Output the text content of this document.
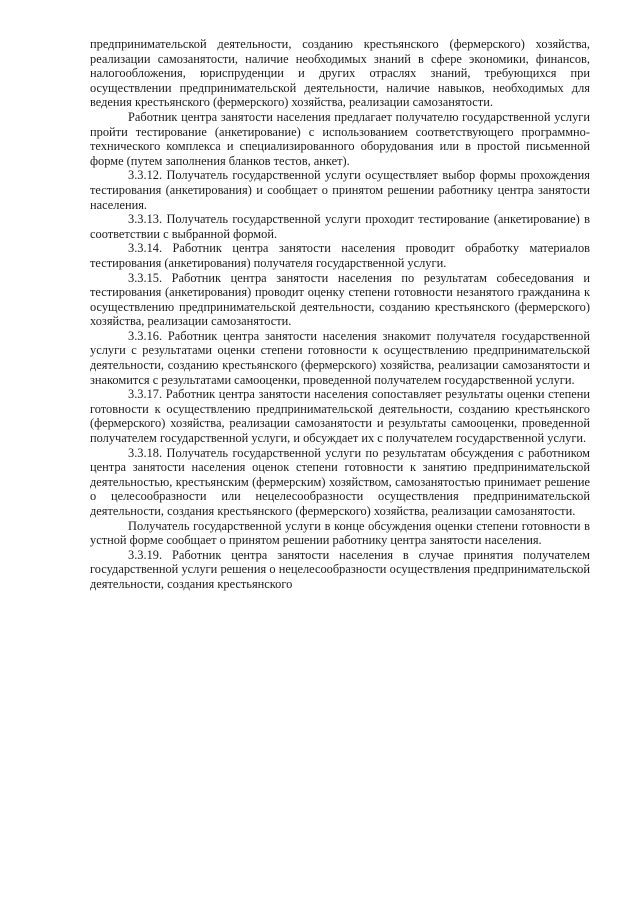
предпринимательской деятельности, созданию крестьянского (фермерского) хозяйства, реализации самозанятости, наличие необходимых знаний в сфере экономики, финансов, налогообложения, юриспруденции и других отраслях знаний, требующихся при осуществлении предпринимательской деятельности, наличие навыков, необходимых для ведения крестьянского (фермерского) хозяйства, реализации самозанятости.

Работник центра занятости населения предлагает получателю государственной услуги пройти тестирование (анкетирование) с использованием соответствующего программно-технического комплекса и специализированного оборудования или в простой письменной форме (путем заполнения бланков тестов, анкет).

3.3.12. Получатель государственной услуги осуществляет выбор формы прохождения тестирования (анкетирования) и сообщает о принятом решении работнику центра занятости населения.

3.3.13. Получатель государственной услуги проходит тестирование (анкетирование) в соответствии с выбранной формой.

3.3.14. Работник центра занятости населения проводит обработку материалов тестирования (анкетирования) получателя государственной услуги.

3.3.15. Работник центра занятости населения по результатам собеседования и тестирования (анкетирования) проводит оценку степени готовности незанятого гражданина к осуществлению предпринимательской деятельности, созданию крестьянского (фермерского) хозяйства, реализации самозанятости.

3.3.16. Работник центра занятости населения знакомит получателя государственной услуги с результатами оценки степени готовности к осуществлению предпринимательской деятельности, созданию крестьянского (фермерского) хозяйства, реализации самозанятости и знакомится с результатами самооценки, проведенной получателем государственной услуги.

3.3.17. Работник центра занятости населения сопоставляет результаты оценки степени готовности к осуществлению предпринимательской деятельности, созданию крестьянского (фермерского) хозяйства, реализации самозанятости и результаты самооценки, проведенной получателем государственной услуги, и обсуждает их с получателем государственной услуги.

3.3.18. Получатель государственной услуги по результатам обсуждения с работником центра занятости населения оценок степени готовности к занятию предпринимательской деятельностью, крестьянским (фермерским) хозяйством, самозанятостью принимает решение о целесообразности или нецелесообразности осуществления предпринимательской деятельности, создания крестьянского (фермерского) хозяйства, реализации самозанятости.

Получатель государственной услуги в конце обсуждения оценки степени готовности в устной форме сообщает о принятом решении работнику центра занятости населения.

3.3.19. Работник центра занятости населения в случае принятия получателем государственной услуги решения о нецелесообразности осуществления предпринимательской деятельности, создания крестьянского
